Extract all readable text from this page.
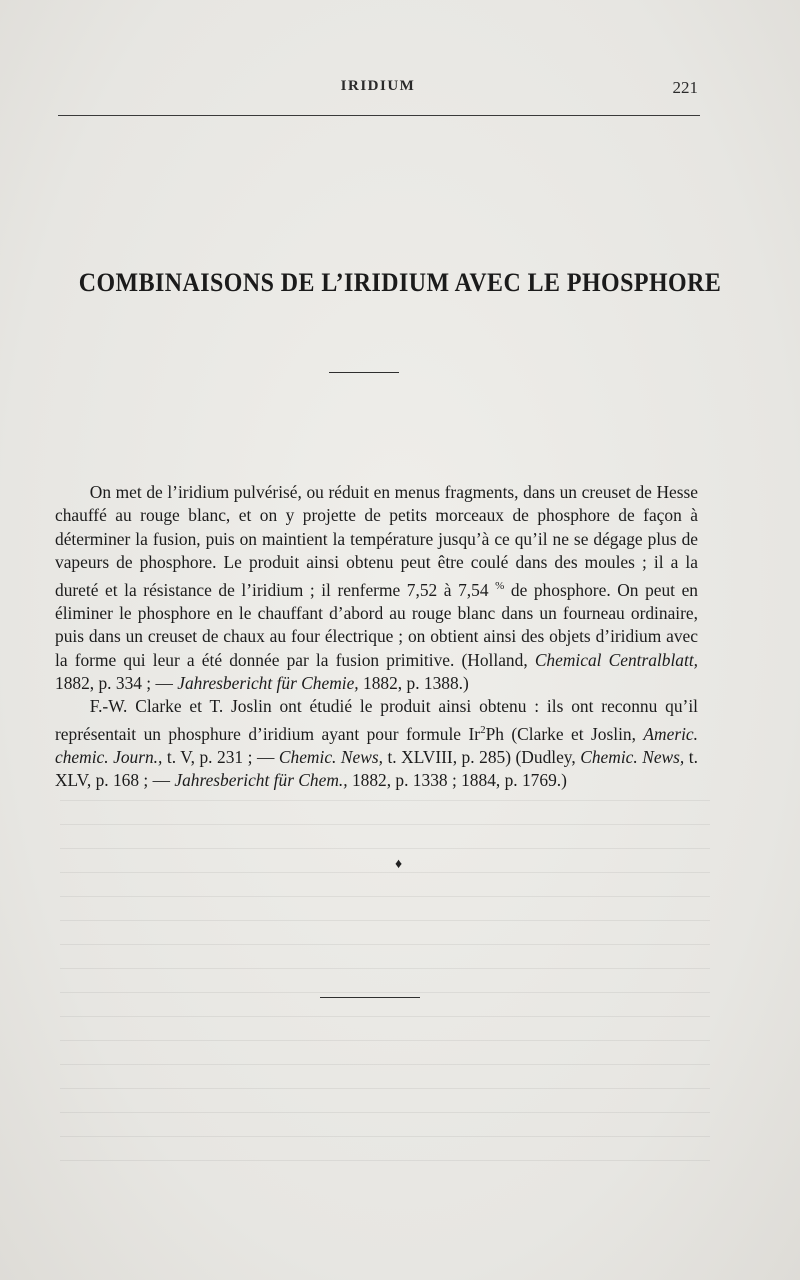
IRIDIUM	221
COMBINAISONS DE L’IRIDIUM AVEC LE PHOSPHORE

On met de l’iridium pulvérisé, ou réduit en menus fragments, dans un creuset de Hesse chauffé au rouge blanc, et on y projette de petits morceaux de phosphore de façon à déterminer la fusion, puis on maintient la température jusqu’à ce qu’il ne se dégage plus de vapeurs de phosphore. Le produit ainsi obtenu peut être coulé dans des moules ; il a la dureté et la résistance de l’iridium ; il renferme 7,52 à 7,54 % de phosphore. On peut en éliminer le phosphore en le chauffant d’abord au rouge blanc dans un fourneau ordinaire, puis dans un creuset de chaux au four électrique ; on obtient ainsi des objets d’iridium avec la forme qui leur a été donnée par la fusion primitive. (Holland, Chemical Centralblatt, 1882, p. 334 ; — Jahresbericht für Chemie, 1882, p. 1388.)

F.-W. Clarke et T. Joslin ont étudié le produit ainsi obtenu : ils ont reconnu qu’il représentait un phosphure d’iridium ayant pour formule Ir$^2$Ph (Clarke et Joslin, Americ. chemic. Journ., t. V, p. 231 ; — Chemic. News, t. XLVIII, p. 285) (Dudley, Chemic. News, t. XLV, p. 168 ; — Jahresbericht für Chem., 1882, p. 1338 ; 1884, p. 1769.)

♦
